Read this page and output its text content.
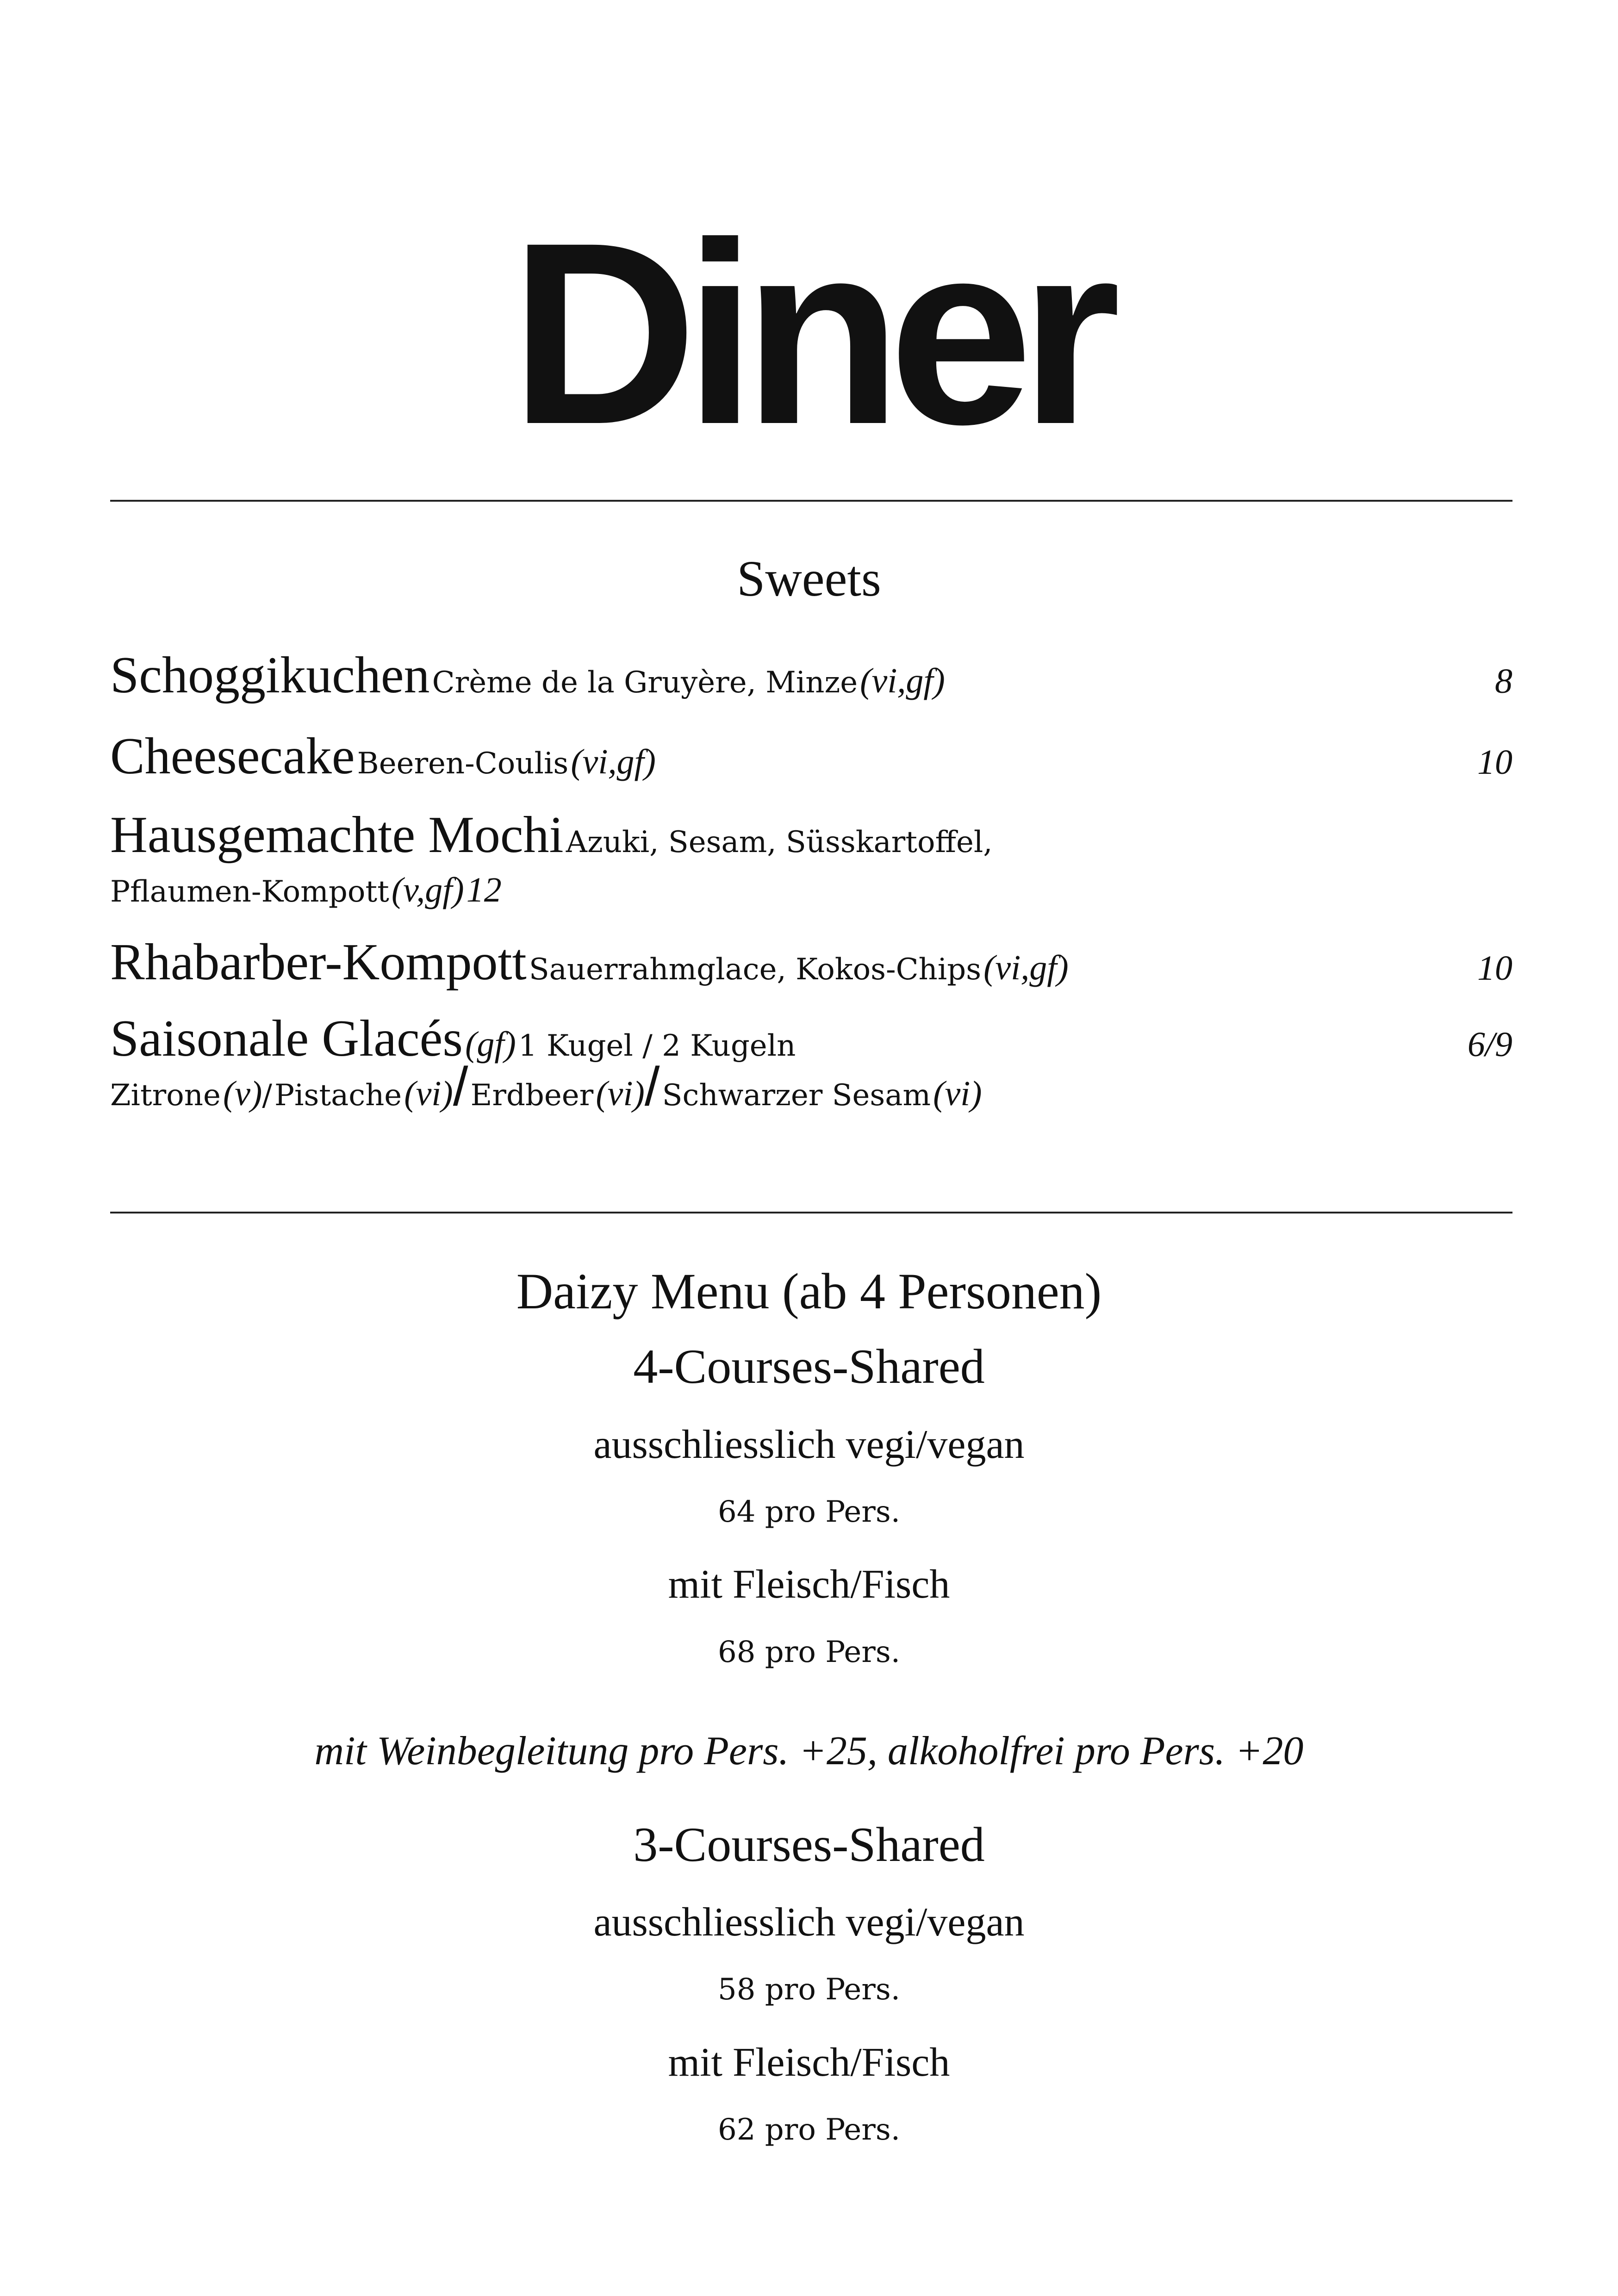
Diner
Sweets
Schoggikuchen Crème de la Gruyère, Minze (vi,gf)	8
Cheesecake Beeren-Coulis (vi,gf)	10
Hausgemachte Mochi Azuki, Sesam, Süsskartoffel,
Pflaumen-Kompott (v,gf) 12
Rhabarber-Kompott Sauerrahmglace, Kokos-Chips (vi,gf)	10
Saisonale Glacés (gf) 1 Kugel / 2 Kugeln	6/9
Zitrone (v)/ Pistache (vi)/ Erdbeer (vi)/ Schwarzer Sesam (vi)
Daizy Menu (ab 4 Personen)
4-Courses-Shared
ausschliesslich vegi/vegan
64 pro Pers.
mit Fleisch/Fisch
68 pro Pers.
mit Weinbegleitung pro Pers. +25, alkoholfrei pro Pers. +20
3-Courses-Shared
ausschliesslich vegi/vegan
58 pro Pers.
mit Fleisch/Fisch
62 pro Pers.
